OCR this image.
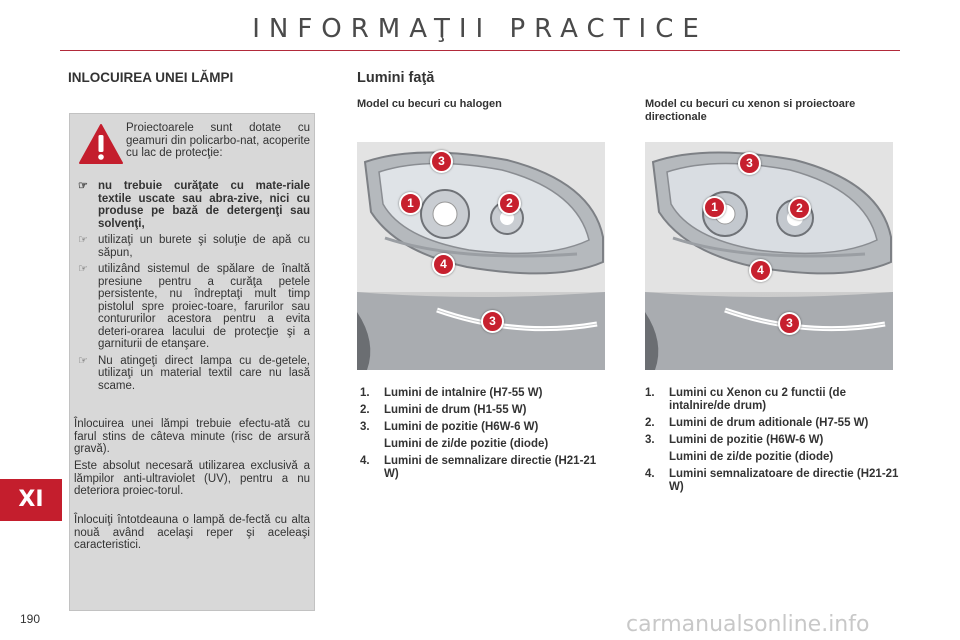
INFORMAŢII PRACTICE
INLOCUIREA UNEI LĂMPI	Lumini faţă
Model cu becuri cu halogen	Model cu becuri cu xenon si proiectoare directionale
Proiectoarele sunt dotate cu geamuri din policarbo-nat, acoperite cu lac de protecţie:
☞ nu trebuie curăţate cu mate-riale textile uscate sau abra-zive, nici cu produse pe bază de detergenţi sau solvenţi,
☞ utilizaţi un burete şi soluţie de apă cu săpun,
☞ utilizând sistemul de spălare de înaltă presiune pentru a curăţa petele persistente, nu îndreptaţi mult timp pistolul spre proiec-toare, farurilor sau contururilor acestora pentru a evita deteri-orarea lacului de protecţie şi a garniturii de etanşare.
☞ Nu atingeţi direct lampa cu de-getele, utilizaţi un material textil care nu lasă scame.

Înlocuirea unei lămpi trebuie efectu-ată cu farul stins de câteva minute (risc de arsură gravă).

Este absolut necesară utilizarea exclusivă a lămpilor anti-ultraviolet (UV), pentru a nu deteriora proiec-torul.

Înlocuiţi întotdeauna o lampă de-fectă cu alta nouă având acelaşi reper şi aceleaşi caracteristici.

3
1	2
4
3
3
1	2
4
3
1. Lumini de intalnire (H7-55 W)
2. Lumini de drum (H1-55 W)
3. Lumini de pozitie (H6W-6 W)
Lumini de zi/de pozitie (diode)
4. Lumini de semnalizare directie (H21-21 W)
1. Lumini cu Xenon cu 2 functii (de intalnire/de drum)
2. Lumini de drum aditionale (H7-55 W)
3. Lumini de pozitie (H6W-6 W)
Lumini de zi/de pozitie (diode)
4. Lumini semnalizatoare de directie (H21-21 W)
XI
190	carmanualsonline.info
